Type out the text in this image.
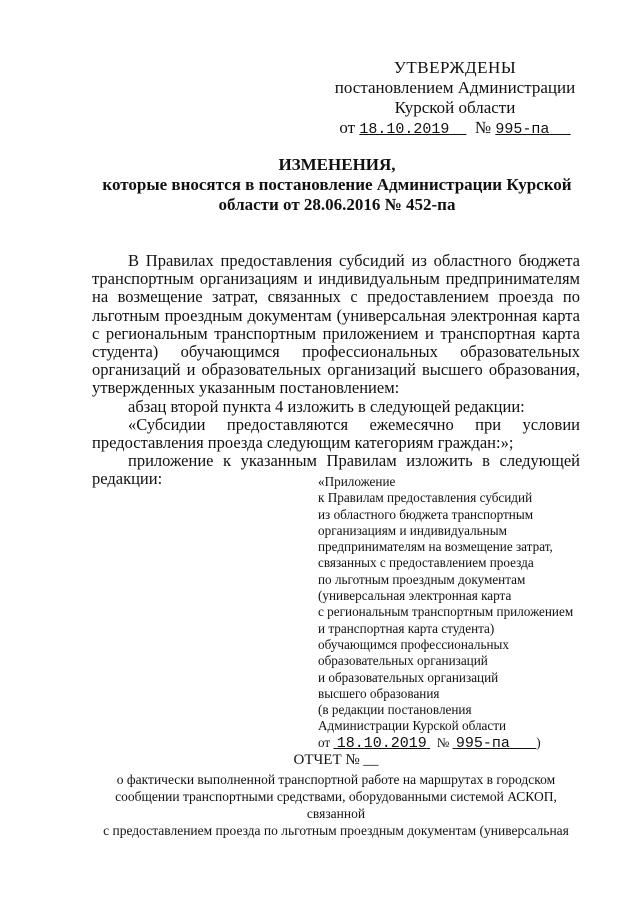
УТВЕРЖДЕНЫ
постановлением Администрации
Курской области
от 18.10.2019 № 995-па
ИЗМЕНЕНИЯ,
которые вносятся в постановление Администрации Курской области от 28.06.2016 № 452-па

В Правилах предоставления субсидий из областного бюджета транспортным организациям и индивидуальным предпринимателям на возмещение затрат, связанных с предоставлением проезда по льготным проездным документам (универсальная электронная карта с региональным транспортным приложением и транспортная карта студента) обучающимся профессиональных образовательных организаций и образовательных организаций высшего образования, утвержденных указанным постановлением:

абзац второй пункта 4 изложить в следующей редакции:

«Субсидии предоставляются ежемесячно при условии предоставления проезда следующим категориям граждан:»;

приложение к указанным Правилам изложить в следующей редакции:	«Приложение
к Правилам предоставления субсидий
из областного бюджета транспортным
организациям и индивидуальным
предпринимателям на возмещение затрат,
связанных с предоставлением проезда
по льготным проездным документам
(универсальная электронная карта
с региональным транспортным приложением
и транспортная карта студента)
обучающимся профессиональных
образовательных организаций
и образовательных организаций
высшего образования
(в редакции постановления
Администрации Курской области
от  18.10.2019 №  995-па )
ОТЧЕТ № __
о фактически выполненной транспортной работе на маршрутах в городском
сообщении транспортными средствами, оборудованными системой АСКОП, связанной
с предоставлением проезда по льготным проездным документам (универсальная
